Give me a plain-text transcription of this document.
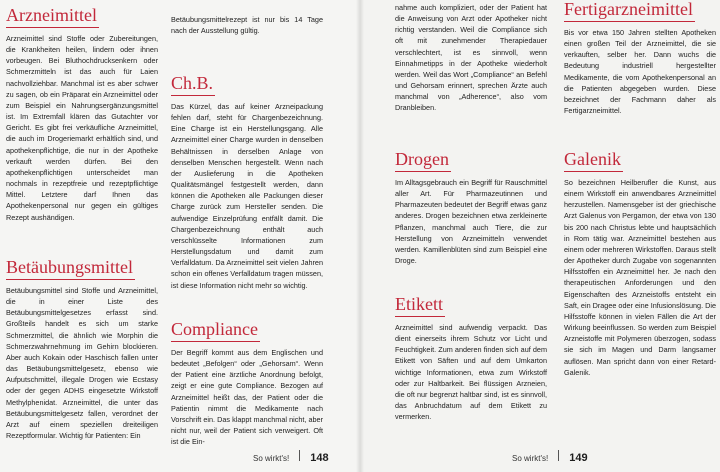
Arzneimittel

Arzneimittel sind Stoffe oder Zubereitungen, die Krankheiten heilen, lindern oder ihnen vorbeugen. Bei Bluthochdrucksenkern oder Schmerzmitteln ist das auch für Laien nachvollziehbar. Manchmal ist es aber schwer zu sagen, ob ein Präparat ein Arzneimittel oder zum Beispiel ein Nahrungsergänzungsmittel ist. Im Extremfall klären das Gutachter vor Gericht. Es gibt frei verkäufliche Arzneimittel, die auch im Drogeriemarkt erhältlich sind, und apothekenpflichtige, die nur in der Apotheke verkauft werden dürfen. Bei den apothekenpflichtigen unterscheidet man nochmals in rezeptfreie und rezeptpflichtige Mittel. Letztere darf Ihnen das Apothekenpersonal nur gegen ein gültiges Rezept aushändigen.

Betäubungsmittel

Betäubungsmittel sind Stoffe und Arzneimittel, die in einer Liste des Betäubungsmittelgesetzes erfasst sind. Großteils handelt es sich um starke Schmerzmittel, die ähnlich wie Morphin die Schmerzwahrnehmung im Gehirn blockieren. Aber auch Kokain oder Haschisch fallen unter das Betäubungsmittelgesetz, ebenso wie Aufputschmittel, illegale Drogen wie Ecstasy oder der gegen ADHS eingesetzte Wirkstoff Methylphenidat. Arzneimittel, die unter das Betäubungsmittelgesetz fallen, verordnet der Arzt auf einem speziellen dreiteiligen Rezeptformular. Wichtig für Patienten: Ein

Betäubungsmittelrezept ist nur bis 14 Tage nach der Ausstellung gültig.

Ch.B.

Das Kürzel, das auf keiner Arzneipackung fehlen darf, steht für Chargenbezeichnung. Eine Charge ist ein Herstellungsgang. Alle Arzneimittel einer Charge wurden in denselben Behältnissen in derselben Anlage von denselben Menschen hergestellt. Wenn nach der Auslieferung in die Apotheken Qualitätsmängel festgestellt werden, dann können die Apotheken alle Packungen dieser Charge zurück zum Hersteller senden. Die aufwendige Einzelprüfung entfällt damit. Die Chargenbezeichnung enthält auch verschlüsselte Informationen zum Herstellungsdatum und damit zum Verfalldatum. Da Arzneimittel seit vielen Jahren schon ein offenes Verfalldatum tragen müssen, ist diese Information nicht mehr so wichtig.

Compliance

Der Begriff kommt aus dem Englischen und bedeutet „Befolgen“ oder „Gehorsam“. Wenn der Patient eine ärztliche Anordnung befolgt, zeigt er eine gute Compliance. Bezogen auf Arzneimittel heißt das, der Patient oder die Patientin nimmt die Medikamente nach Vorschrift ein. Das klappt manchmal nicht, aber nicht nur, weil der Patient sich verweigert. Oft ist die Ein-

So wirkt's! 148

nahme auch kompliziert, oder der Patient hat die Anweisung von Arzt oder Apotheker nicht richtig verstanden. Weil die Compliance sich oft mit zunehmender Therapiedauer verschlechtert, ist es sinnvoll, wenn Einnahmetipps in der Apotheke wiederholt werden. Weil das Wort „Compliance“ an Befehl und Gehorsam erinnert, sprechen Ärzte auch manchmal von „Adherence“, also vom Dranbleiben.

Drogen

Im Alltagsgebrauch ein Begriff für Rauschmittel aller Art. Für Pharmazeutinnen und Pharmazeuten bedeutet der Begriff etwas ganz anderes. Drogen bezeichnen etwa zerkleinerte Pflanzen, manchmal auch Tiere, die zur Herstellung von Arzneimitteln verwendet werden. Kamillenblüten sind zum Beispiel eine Droge.

Etikett

Arzneimittel sind aufwendig verpackt. Das dient einerseits ihrem Schutz vor Licht und Feuchtigkeit. Zum anderen finden sich auf dem Etikett von Säften und auf dem Umkarton wichtige Informationen, etwa zum Wirkstoff oder zur Haltbarkeit. Bei flüssigen Arzneien, die oft nur begrenzt haltbar sind, ist es sinnvoll, das Anbruchdatum auf dem Etikett zu vermerken.

Fertigarzneimittel

Bis vor etwa 150 Jahren stellten Apotheken einen großen Teil der Arzneimittel, die sie verkauften, selber her. Dann wuchs die Bedeutung industriell hergestellter Medikamente, die vom Apothekenpersonal an die Patienten abgegeben wurden. Diese bezeichnet der Fachmann daher als Fertigarzneimittel.

Galenik

So bezeichnen Heilberufler die Kunst, aus einem Wirkstoff ein anwendbares Arzneimittel herzustellen. Namensgeber ist der griechische Arzt Galenus von Pergamon, der etwa von 130 bis 200 nach Christus lebte und hauptsächlich in Rom tätig war. Arzneimittel bestehen aus einem oder mehreren Wirkstoffen. Daraus stellt der Apotheker durch Zugabe von sogenannten Hilfsstoffen ein Arzneimittel her. Je nach den therapeutischen Anforderungen und den Eigenschaften des Arzneistoffs entsteht ein Saft, ein Dragee oder eine Infusionslösung. Die Hilfsstoffe können in vielen Fällen die Art der Wirkung beeinflussen. So werden zum Beispiel Arzneistoffe mit Polymeren überzogen, sodass sie sich im Magen und Darm langsamer auflösen. Man spricht dann von einer Retard-Galenik.

So wirkt's! 149
